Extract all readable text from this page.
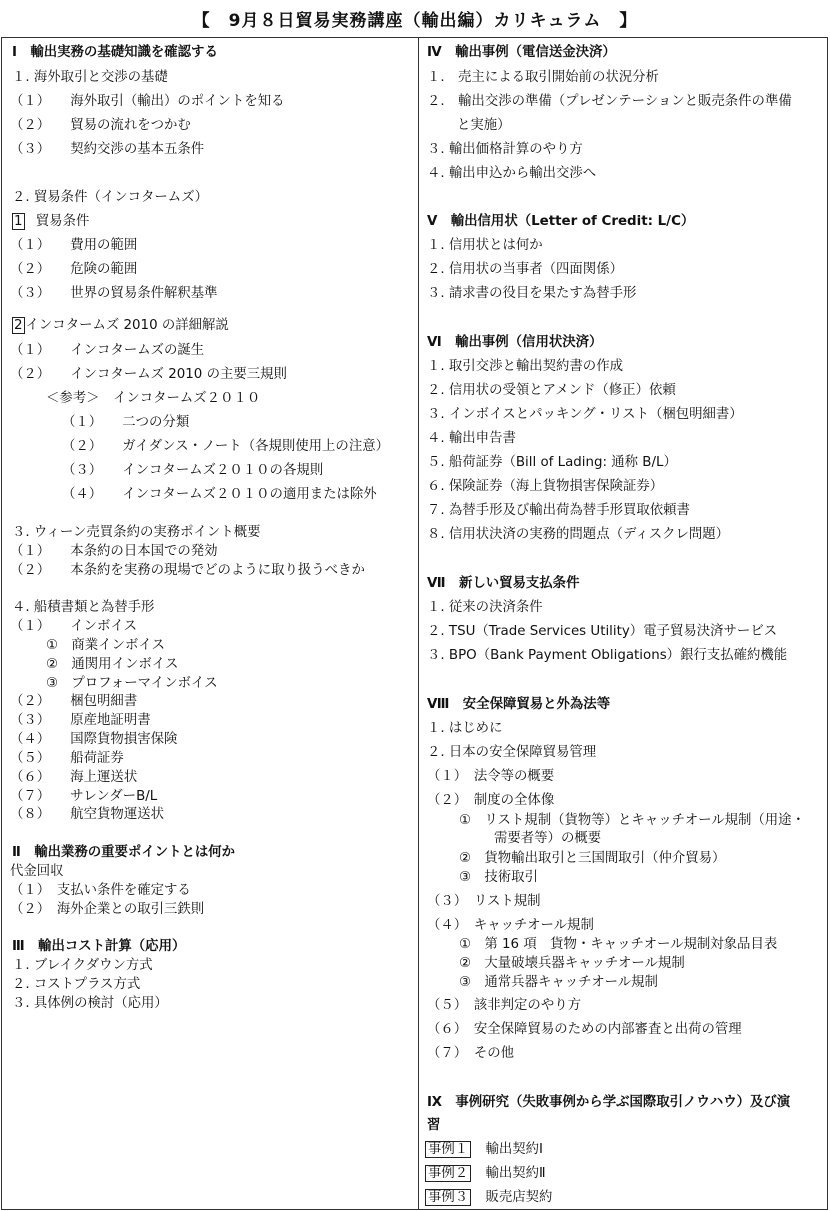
【　9月８日貿易実務講座（輸出編）カリキュラム　】
Ⅰ　輸出実務の基礎知識を確認する
１. 海外取引と交渉の基礎
（１）　　海外取引（輸出）のポイントを知る
（２）　　貿易の流れをつかむ
（３）　　契約交渉の基本五条件
２. 貿易条件（インコタームズ）
1 貿易条件
（１）　　費用の範囲
（２）　　危険の範囲
（３）　　世界の貿易条件解釈基準
2 インコタームズ 2010 の詳細解説
（１）　　インコタームズの誕生
（２）　　インコタームズ 2010 の主要三規則
＜参考＞　インコタームズ２０１０
（１）　　二つの分類
（２）　　ガイダンス・ノート（各規則使用上の注意）
（３）　　インコタームズ２０１０の各規則
（４）　　インコタームズ２０１０の適用または除外
３. ウィーン売買条約の実務ポイント概要
（１）　　本条約の日本国での発効
（２）　　本条約を実務の現場でどのように取り扱うべきか
４. 船積書類と為替手形
（１）　　インボイス
①　商業インボイス
②　通関用インボイス
③　プロフォーマインボイス
（２）　　梱包明細書
（３）　　原産地証明書
（４）　　国際貨物損害保険
（５）　　船荷証券
（６）　　海上運送状
（７）　　サレンダーB/L
（８）　　航空貨物運送状
Ⅱ　輸出業務の重要ポイントとは何か
代金回収
（１）　支払い条件を確定する
（２）　海外企業との取引三鉄則
Ⅲ　輸出コスト計算（応用）
１. ブレイクダウン方式
２. コストプラス方式
３. 具体例の検討（応用）
Ⅳ　輸出事例（電信送金決済）
１.　売主による取引開始前の状況分析
２.　輸出交渉の準備（プレゼンテーションと販売条件の準備
と実施）
３. 輸出価格計算のやり方
４. 輸出申込から輸出交渉へ
Ⅴ　輸出信用状（Letter of Credit: L/C）
１. 信用状とは何か
２. 信用状の当事者（四面関係）
３. 請求書の役目を果たす為替手形
Ⅵ　輸出事例（信用状決済）
１. 取引交渉と輸出契約書の作成
２. 信用状の受領とアメンド（修正）依頼
３. インボイスとパッキング・リスト（梱包明細書）
４. 輸出申告書
５. 船荷証券（Bill of Lading: 通称 B/L）
６. 保険証券（海上貨物損害保険証券）
７. 為替手形及び輸出荷為替手形買取依頼書
８. 信用状決済の実務的問題点（ディスクレ問題）
Ⅶ　新しい貿易支払条件
１. 従来の決済条件
２. TSU（Trade Services Utility）電子貿易決済サービス
３. BPO（Bank Payment Obligations）銀行支払確約機能
Ⅷ　安全保障貿易と外為法等
１. はじめに
２. 日本の安全保障貿易管理
（１）　法令等の概要
（２）　制度の全体像
①　リスト規制（貨物等）とキャッチオール規制（用途・
需要者等）の概要
②　貨物輸出取引と三国間取引（仲介貿易）
③　技術取引
（３）　リスト規制
（４）　キャッチオール規制
①　第 16 項　貨物・キャッチオール規制対象品目表
②　大量破壊兵器キャッチオール規制
③　通常兵器キャッチオール規制
（５）　該非判定のやり方
（６）　安全保障貿易のための内部審査と出荷の管理
（７）　その他
Ⅸ　事例研究（失敗事例から学ぶ国際取引ノウハウ）及び演
習
事例１ 輸出契約Ⅰ
事例２ 輸出契約Ⅱ
事例３ 販売店契約
